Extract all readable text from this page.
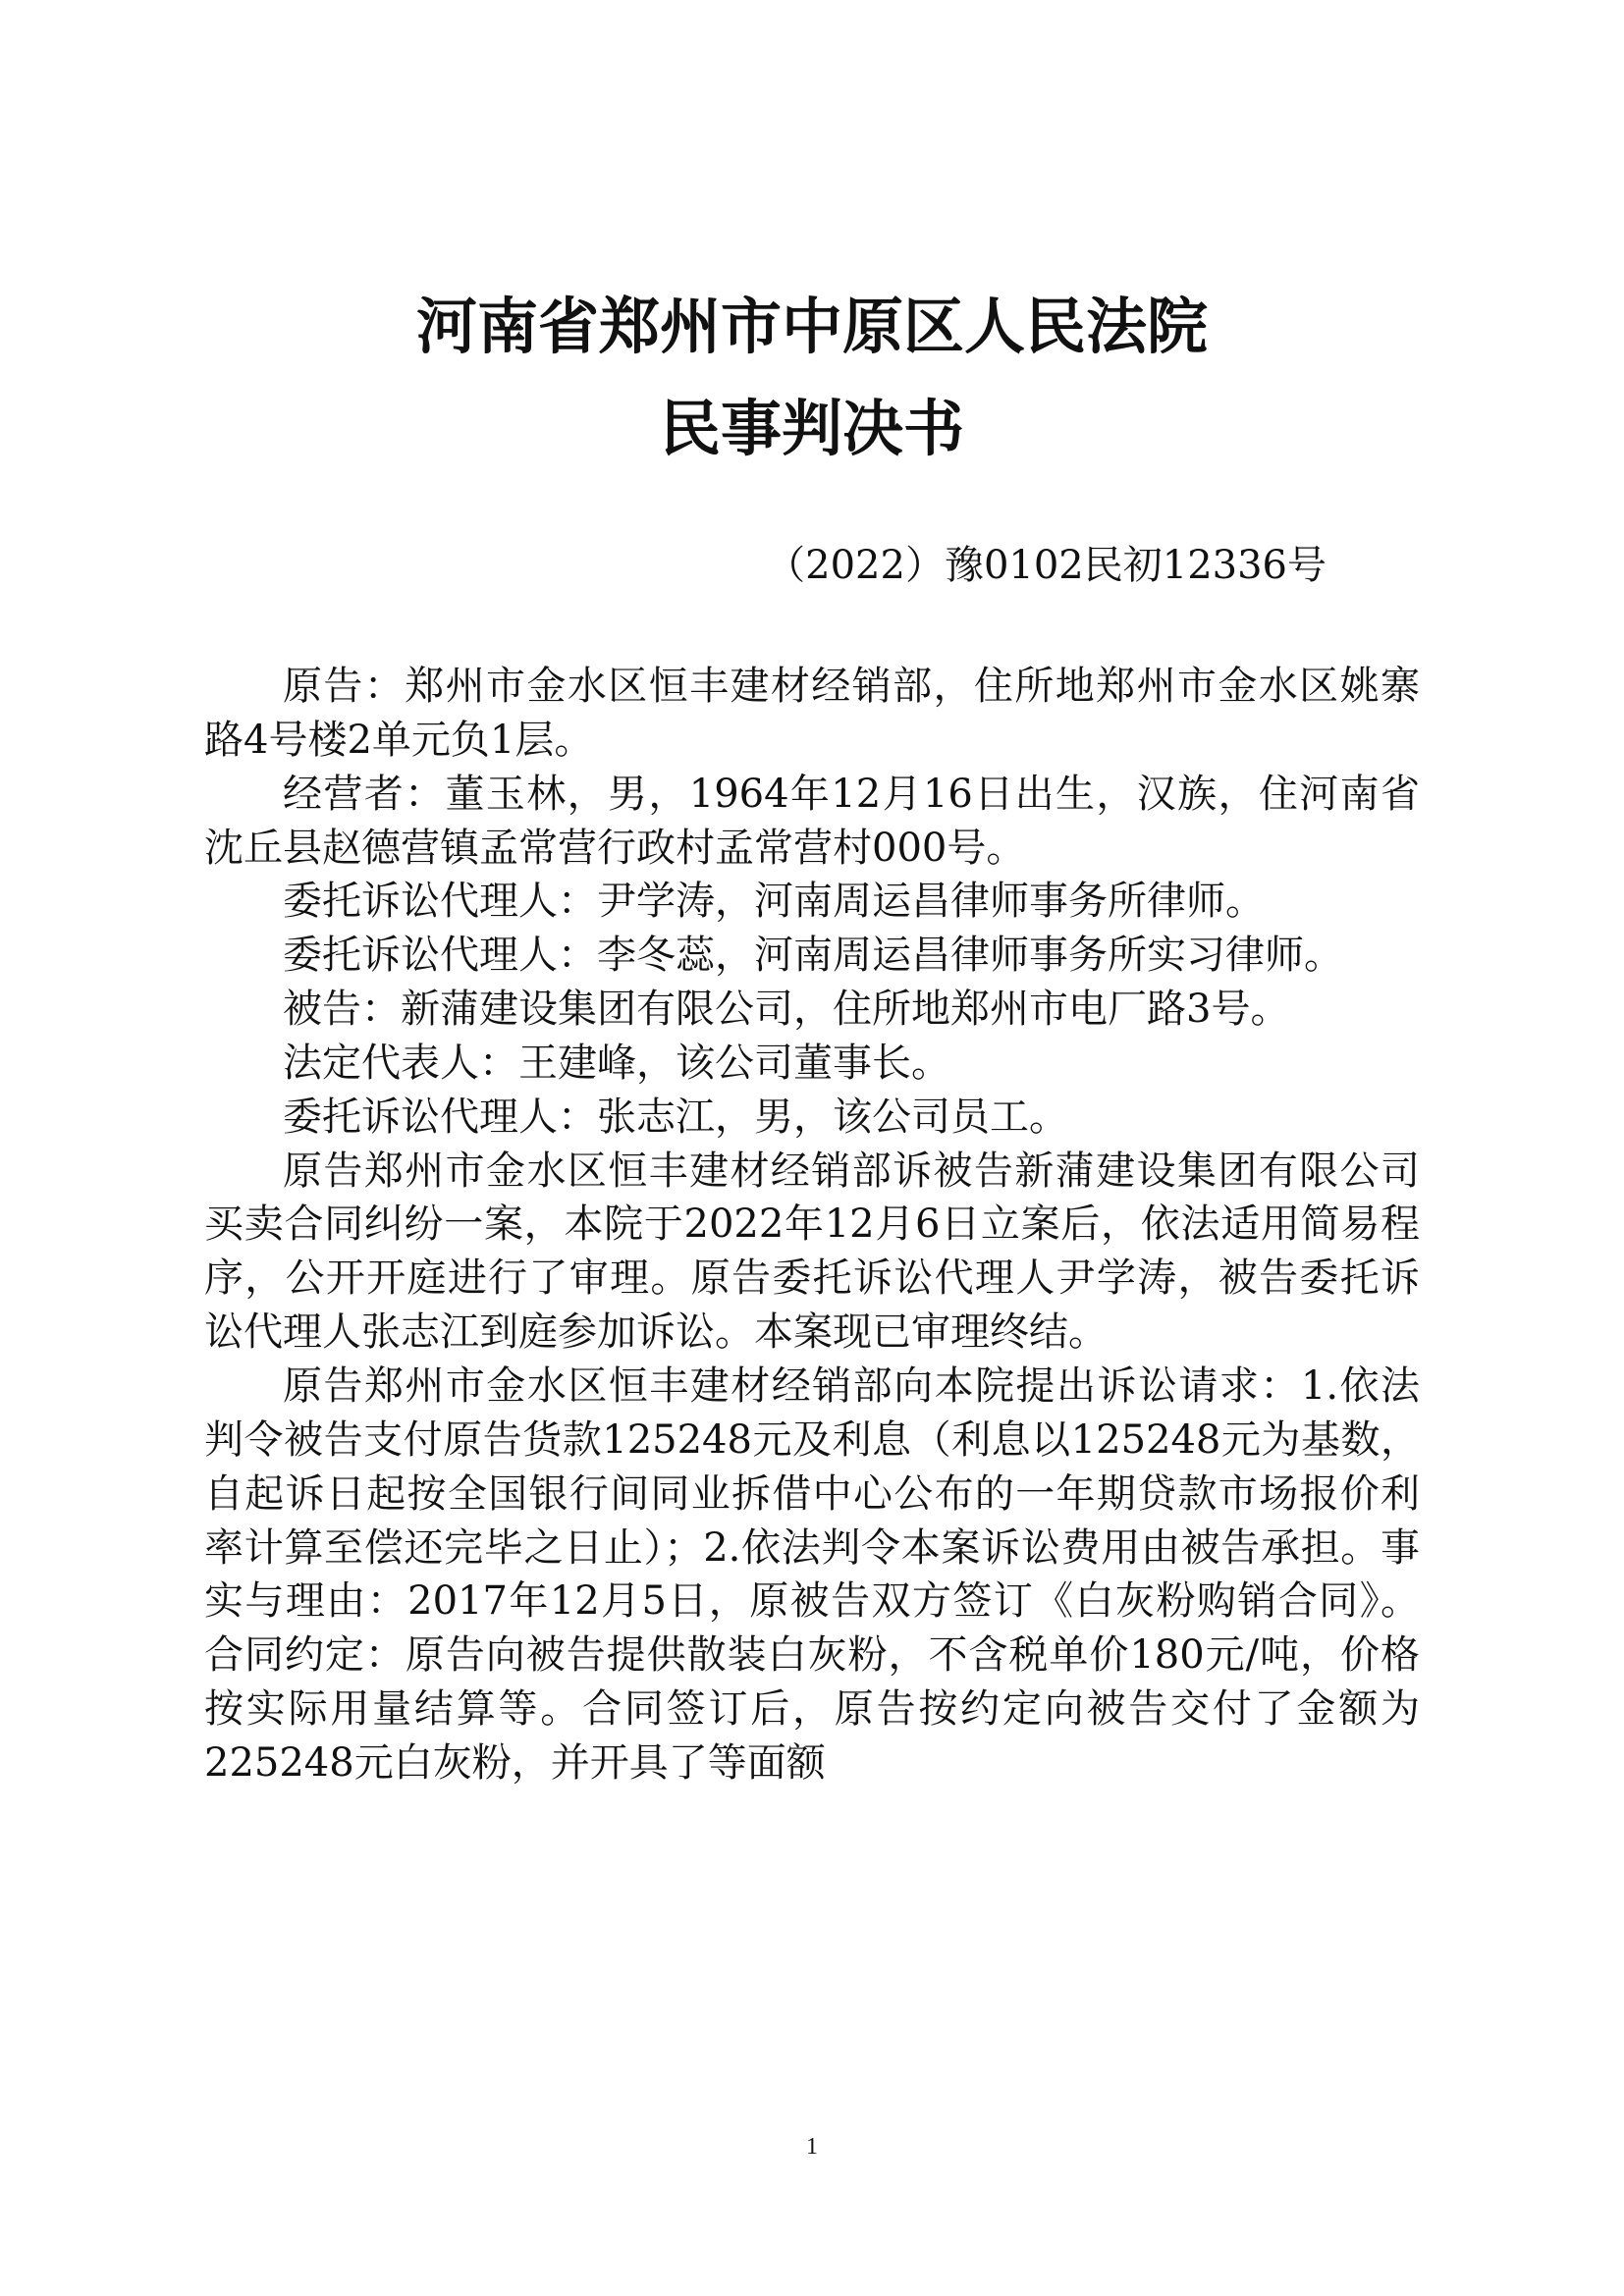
河南省郑州市中原区人民法院
民事判决书
（2022）豫0102民初12336号

原告：郑州市金水区恒丰建材经销部，住所地郑州市金水区姚寨路4号楼2单元负1层。

经营者：董玉林，男，1964年12月16日出生，汉族，住河南省沈丘县赵德营镇孟常营行政村孟常营村000号。

委托诉讼代理人：尹学涛，河南周运昌律师事务所律师。

委托诉讼代理人：李冬蕊，河南周运昌律师事务所实习律师。

被告：新蒲建设集团有限公司，住所地郑州市电厂路3号。

法定代表人：王建峰，该公司董事长。

委托诉讼代理人：张志江，男，该公司员工。

原告郑州市金水区恒丰建材经销部诉被告新蒲建设集团有限公司买卖合同纠纷一案，本院于2022年12月6日立案后，依法适用简易程序，公开开庭进行了审理。原告委托诉讼代理人尹学涛，被告委托诉讼代理人张志江到庭参加诉讼。本案现已审理终结。

原告郑州市金水区恒丰建材经销部向本院提出诉讼请求：1.依法判令被告支付原告货款125248元及利息（利息以125248元为基数，自起诉日起按全国银行间同业拆借中心公布的一年期贷款市场报价利率计算至偿还完毕之日止）；2.依法判令本案诉讼费用由被告承担。事实与理由：2017年12月5日，原被告双方签订《白灰粉购销合同》。合同约定：原告向被告提供散装白灰粉，不含税单价180元/吨，价格按实际用量结算等。合同签订后，原告按约定向被告交付了金额为225248元白灰粉，并开具了等面额

1
